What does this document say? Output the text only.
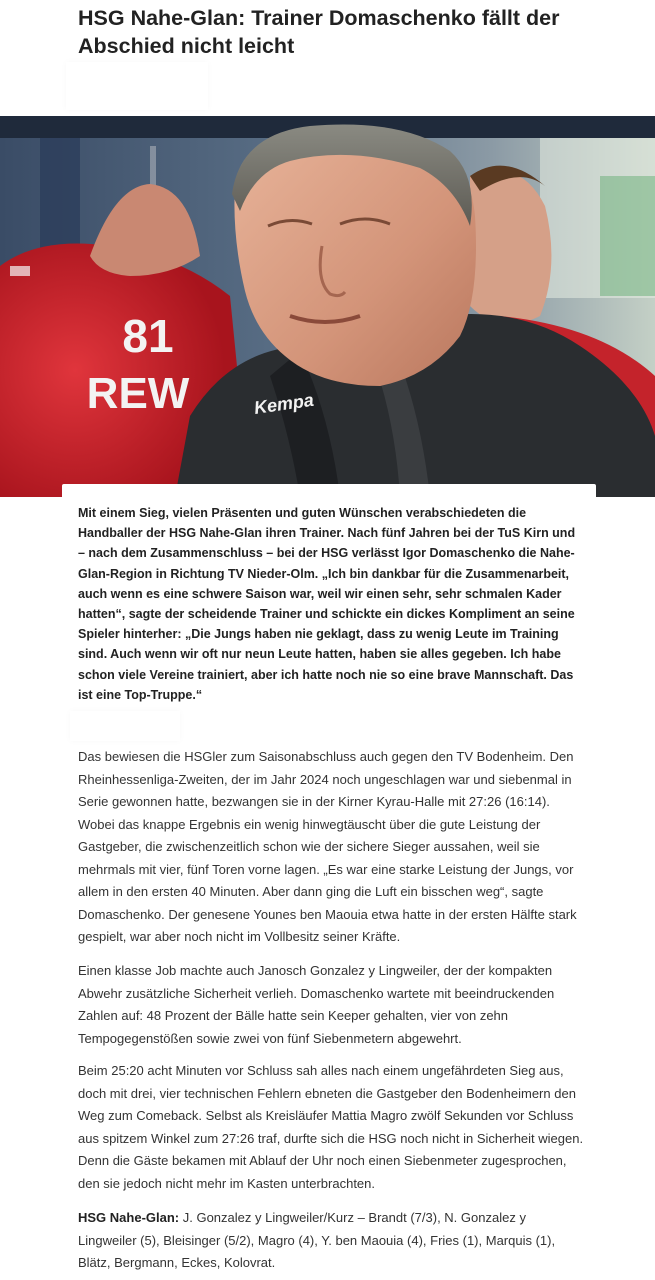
HSG Nahe-Glan: Trainer Domaschenko fällt der Abschied nicht leicht
81
REW	Kempa

Mit einem Sieg, vielen Präsenten und guten Wünschen verabschiedeten die Handballer der HSG Nahe-Glan ihren Trainer. Nach fünf Jahren bei der TuS Kirn und – nach dem Zusammenschluss – bei der HSG verlässt Igor Domaschenko die Nahe-Glan-Region in Richtung TV Nieder-Olm. „Ich bin dankbar für die Zusammenarbeit, auch wenn es eine schwere Saison war, weil wir einen sehr, sehr schmalen Kader hatten“, sagte der scheidende Trainer und schickte ein dickes Kompliment an seine Spieler hinterher: „Die Jungs haben nie geklagt, dass zu wenig Leute im Training sind. Auch wenn wir oft nur neun Leute hatten, haben sie alles gegeben. Ich habe schon viele Vereine trainiert, aber ich hatte noch nie so eine brave Mannschaft. Das ist eine Top-Truppe.“

Das bewiesen die HSGler zum Saisonabschluss auch gegen den TV Bodenheim. Den Rheinhessenliga-Zweiten, der im Jahr 2024 noch ungeschlagen war und siebenmal in Serie gewonnen hatte, bezwangen sie in der Kirner Kyrau-Halle mit 27:26 (16:14). Wobei das knappe Ergebnis ein wenig hinwegtäuscht über die gute Leistung der Gastgeber, die zwischenzeitlich schon wie der sichere Sieger aussahen, weil sie mehrmals mit vier, fünf Toren vorne lagen. „Es war eine starke Leistung der Jungs, vor allem in den ersten 40 Minuten. Aber dann ging die Luft ein bisschen weg“, sagte Domaschenko. Der genesene Younes ben Maouia etwa hatte in der ersten Hälfte stark gespielt, war aber noch nicht im Vollbesitz seiner Kräfte.

Einen klasse Job machte auch Janosch Gonzalez y Lingweiler, der der kompakten Abwehr zusätzliche Sicherheit verlieh. Domaschenko wartete mit beeindruckenden Zahlen auf: 48 Prozent der Bälle hatte sein Keeper gehalten, vier von zehn Tempogegenstößen sowie zwei von fünf Siebenmetern abgewehrt.

Beim 25:20 acht Minuten vor Schluss sah alles nach einem ungefährdeten Sieg aus, doch mit drei, vier technischen Fehlern ebneten die Gastgeber den Bodenheimern den Weg zum Comeback. Selbst als Kreisläufer Mattia Magro zwölf Sekunden vor Schluss aus spitzem Winkel zum 27:26 traf, durfte sich die HSG noch nicht in Sicherheit wiegen. Denn die Gäste bekamen mit Ablauf der Uhr noch einen Siebenmeter zugesprochen, den sie jedoch nicht mehr im Kasten unterbrachten.

HSG Nahe-Glan: J. Gonzalez y Lingweiler/Kurz – Brandt (7/3), N. Gonzalez y Lingweiler (5), Bleisinger (5/2), Magro (4), Y. ben Maouia (4), Fries (1), Marquis (1), Blätz, Bergmann, Eckes, Kolovrat.
